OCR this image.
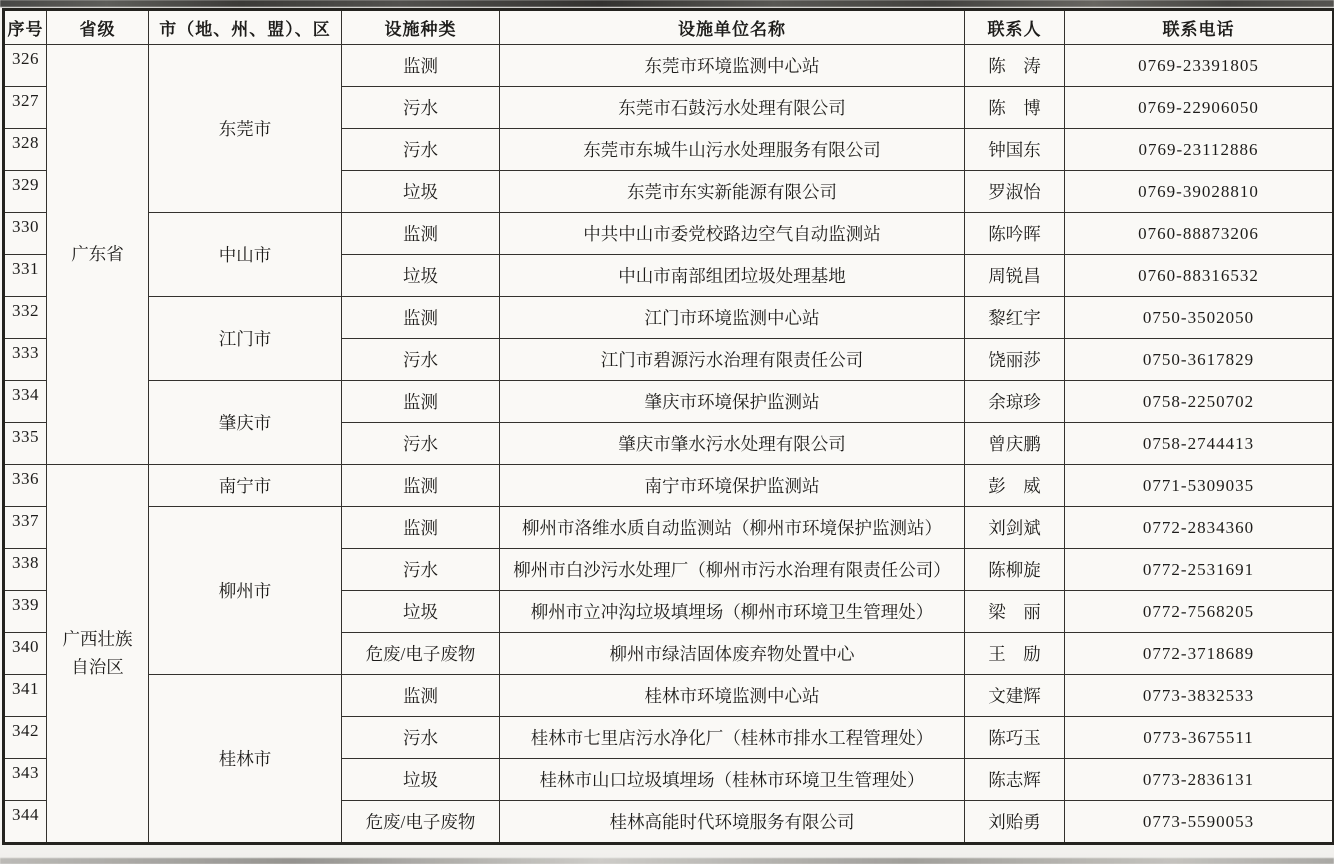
序号	省级	市（地、州、盟）、区	设施种类	设施单位名称	联系人	联系电话
326	广东省	东莞市	监测	东莞市环境监测中心站	陈　涛	0769-23391805
327			污水	东莞市石鼓污水处理有限公司	陈　博	0769-22906050
328			污水	东莞市东城牛山污水处理服务有限公司	钟国东	0769-23112886
329			垃圾	东莞市东实新能源有限公司	罗淑怡	0769-39028810
330		中山市	监测	中共中山市委党校路边空气自动监测站	陈吟晖	0760-88873206
331			垃圾	中山市南部组团垃圾处理基地	周锐昌	0760-88316532
332		江门市	监测	江门市环境监测中心站	黎红宇	0750-3502050
333			污水	江门市碧源污水治理有限责任公司	饶丽莎	0750-3617829
334		肇庆市	监测	肇庆市环境保护监测站	余琼珍	0758-2250702
335			污水	肇庆市肇水污水处理有限公司	曾庆鹏	0758-2744413
336	广西壮族自治区	南宁市	监测	南宁市环境保护监测站	彭　威	0771-5309035
337		柳州市	监测	柳州市洛维水质自动监测站（柳州市环境保护监测站）	刘剑斌	0772-2834360
338			污水	柳州市白沙污水处理厂（柳州市污水治理有限责任公司）	陈柳旋	0772-2531691
339			垃圾	柳州市立冲沟垃圾填埋场（柳州市环境卫生管理处）	梁　丽	0772-7568205
340			危废/电子废物	柳州市绿洁固体废弃物处置中心	王　励	0772-3718689
341		桂林市	监测	桂林市环境监测中心站	文建辉	0773-3832533
342			污水	桂林市七里店污水净化厂（桂林市排水工程管理处）	陈巧玉	0773-3675511
343			垃圾	桂林市山口垃圾填埋场（桂林市环境卫生管理处）	陈志辉	0773-2836131
344			危废/电子废物	桂林高能时代环境服务有限公司	刘贻勇	0773-5590053
